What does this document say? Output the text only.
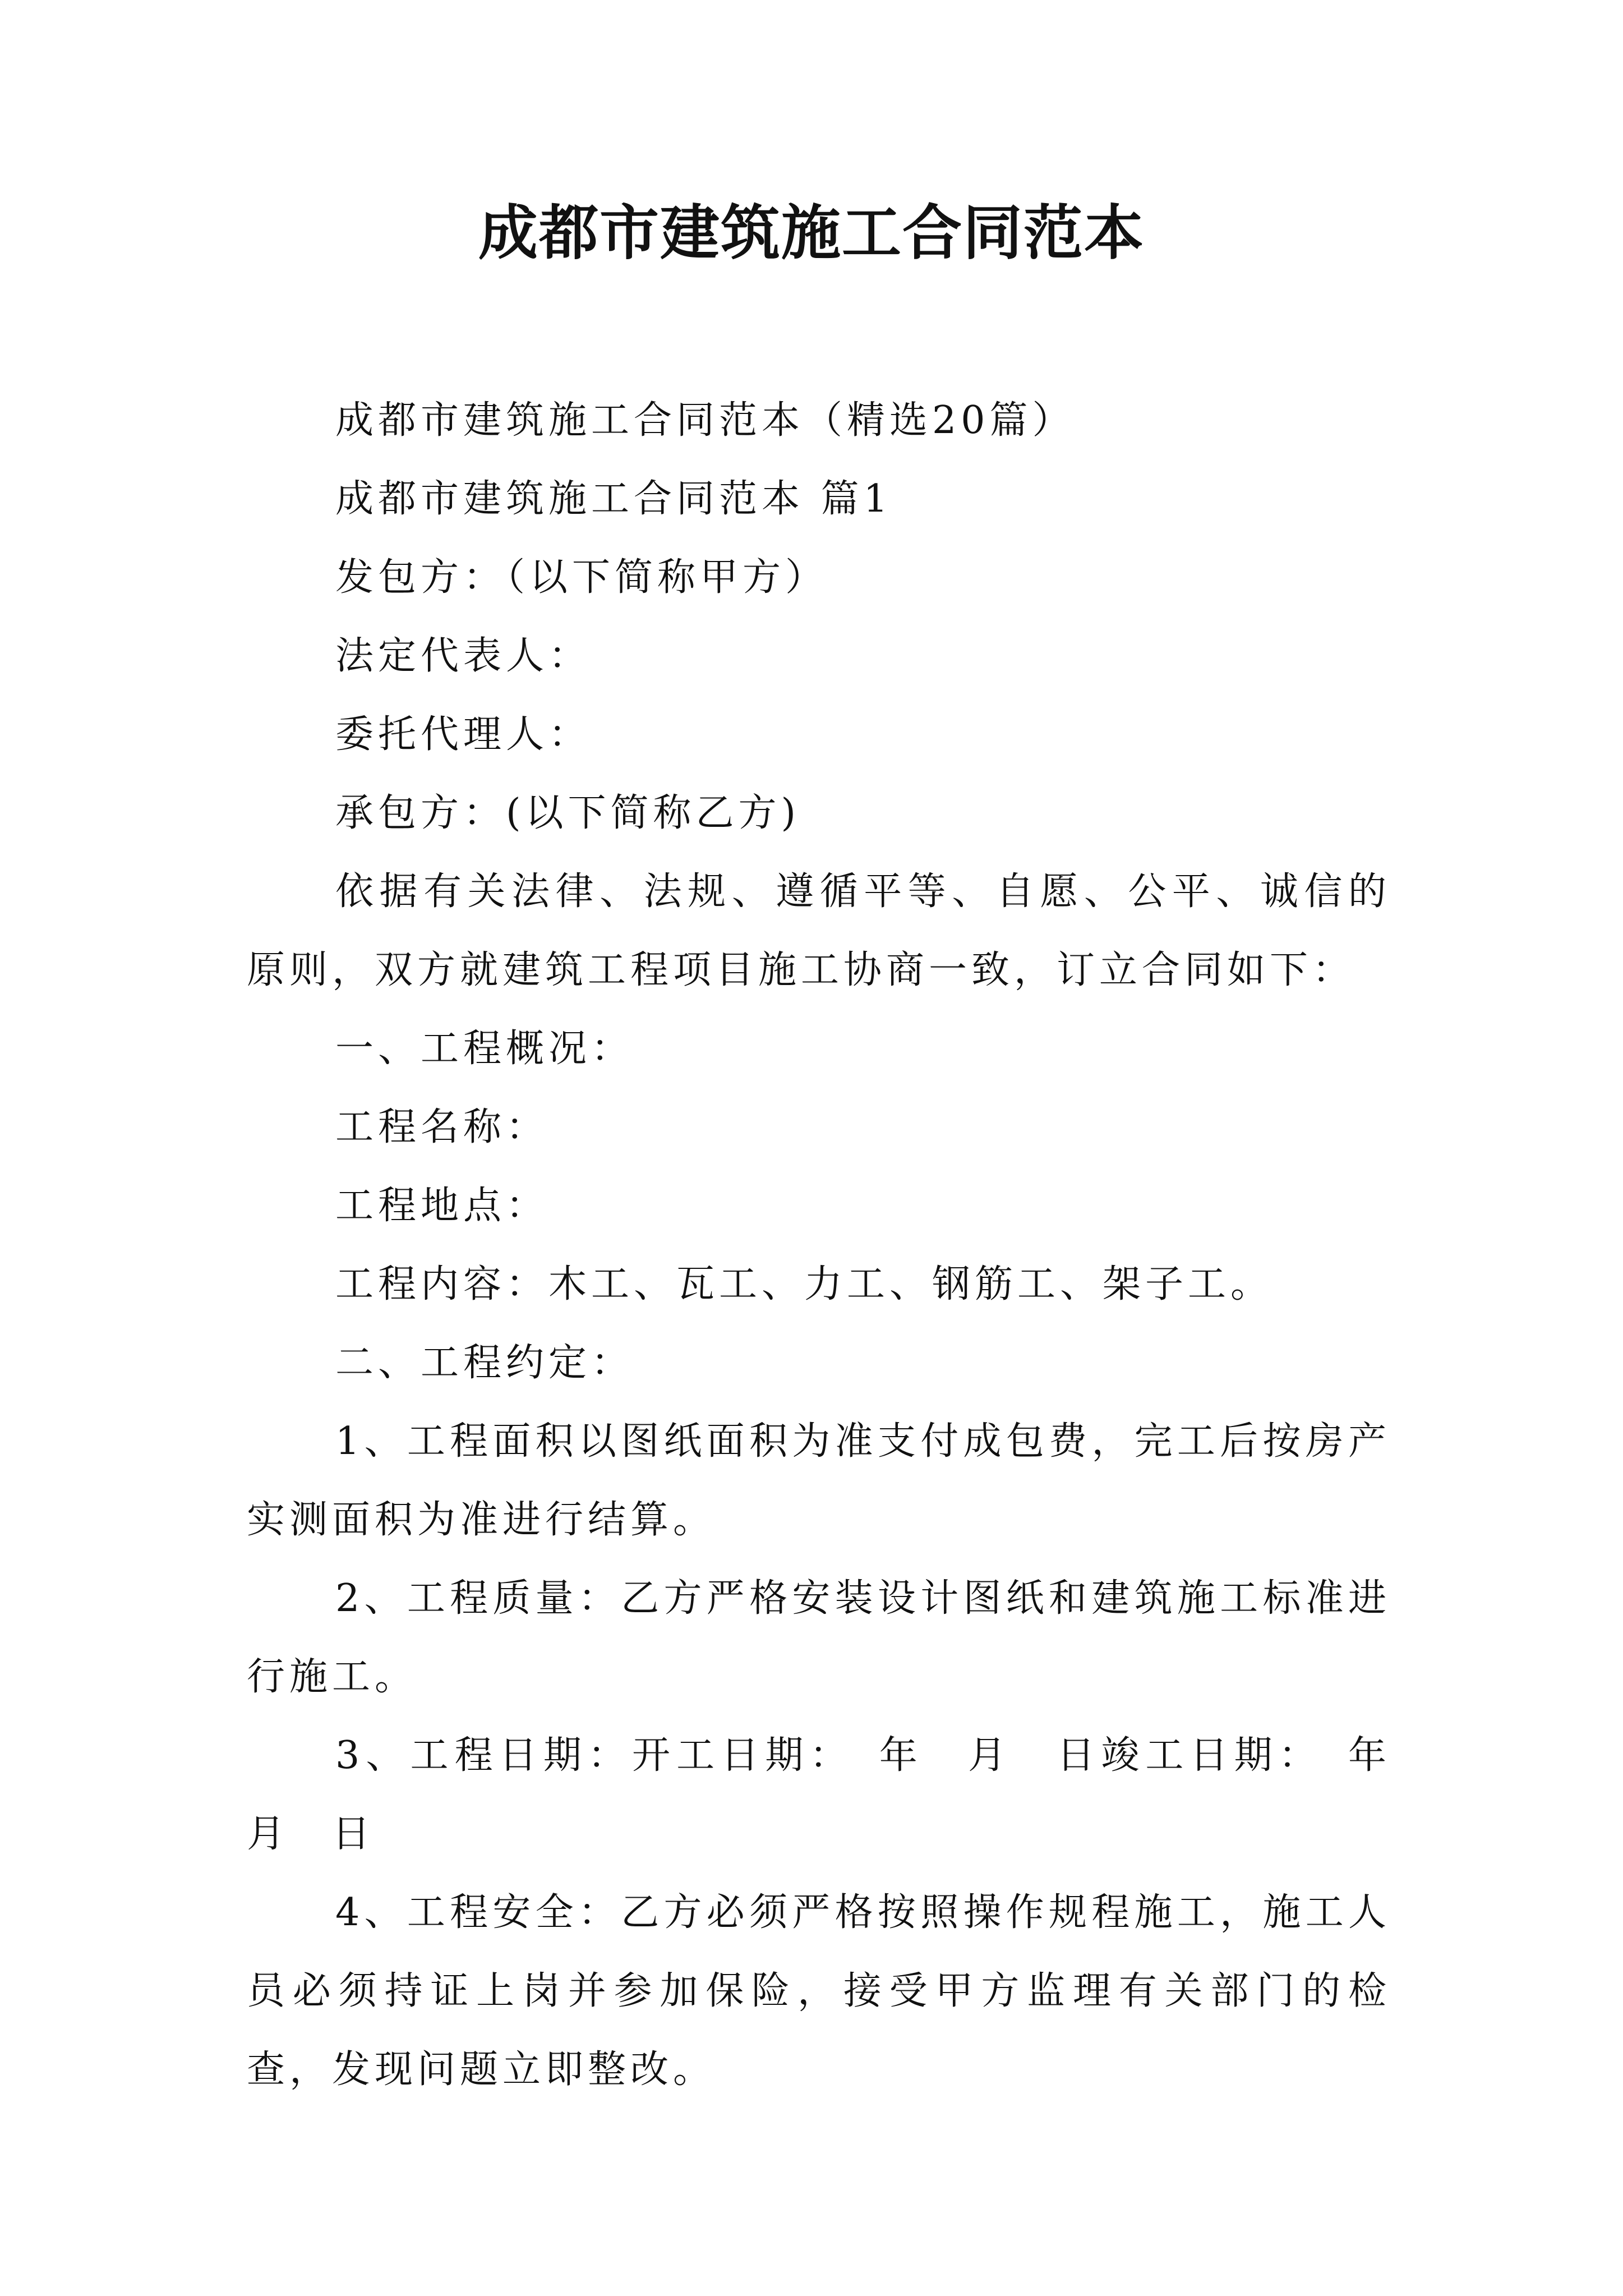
成都市建筑施工合同范本

成都市建筑施工合同范本（精选20篇）

成都市建筑施工合同范本 篇1

发包方：（以下简称甲方）

法定代表人：

委托代理人：

承包方：(以下简称乙方)

依据有关法律、法规、遵循平等、自愿、公平、诚信的原则，双方就建筑工程项目施工协商一致，订立合同如下：

一、工程概况：

工程名称：

工程地点：

工程内容：木工、瓦工、力工、钢筋工、架子工。

二、工程约定：

1、工程面积以图纸面积为准支付成包费，完工后按房产实测面积为准进行结算。

2、工程质量：乙方严格安装设计图纸和建筑施工标准进行施工。

3、工程日期：开工日期：　年　月　日竣工日期：　年　月　日

4、工程安全：乙方必须严格按照操作规程施工，施工人员必须持证上岗并参加保险，接受甲方监理有关部门的检查，发现问题立即整改。
